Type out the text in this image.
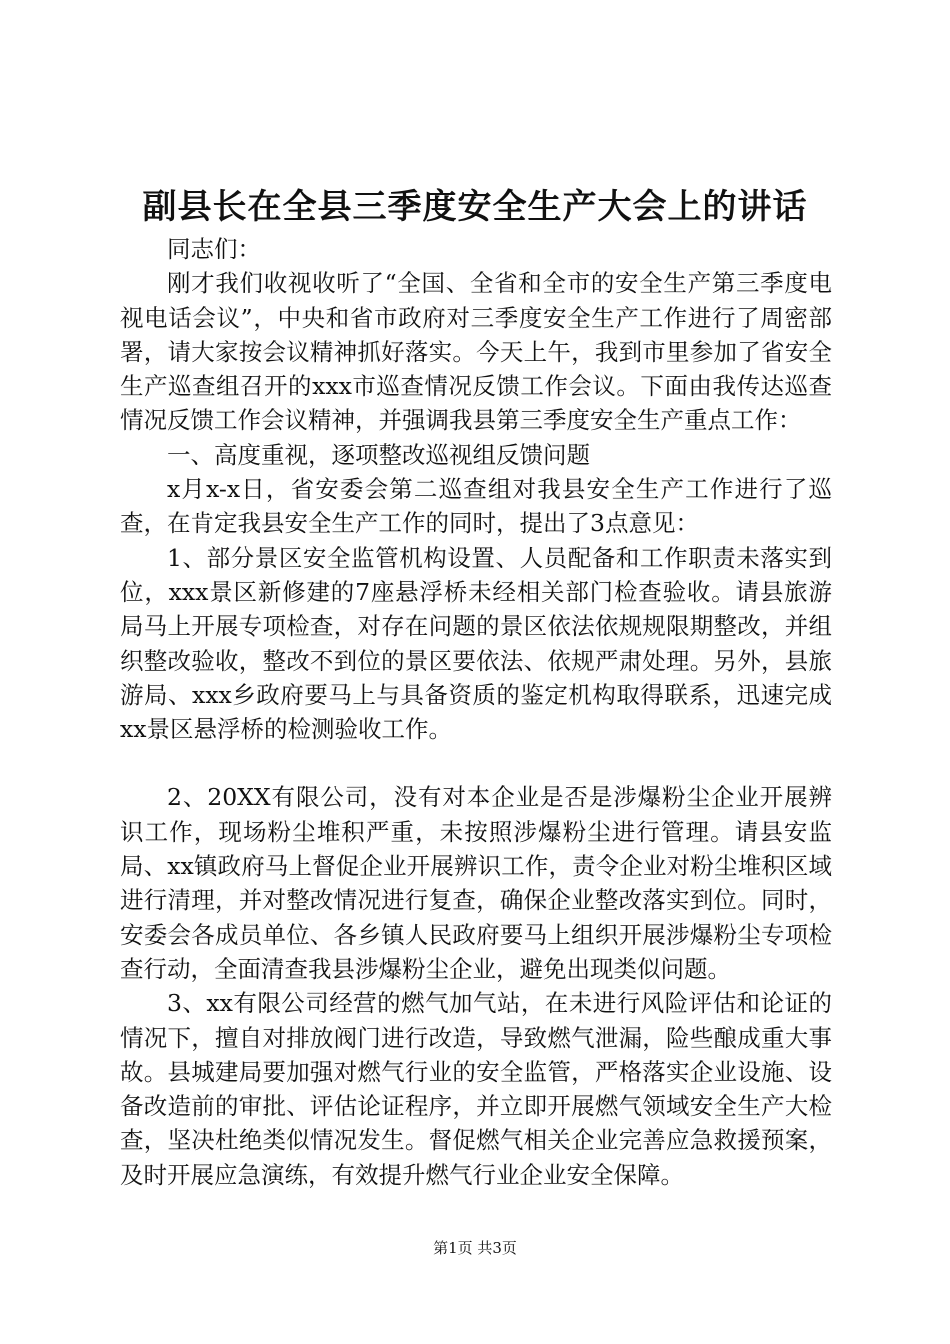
副县长在全县三季度安全生产大会上的讲话

同志们：

刚才我们收视收听了“全国、全省和全市的安全生产第三季度电视电话会议”，中央和省市政府对三季度安全生产工作进行了周密部署，请大家按会议精神抓好落实。今天上午，我到市里参加了省安全生产巡查组召开的xxx市巡查情况反馈工作会议。下面由我传达巡查情况反馈工作会议精神，并强调我县第三季度安全生产重点工作：

一、高度重视，逐项整改巡视组反馈问题

x月x-x日，省安委会第二巡查组对我县安全生产工作进行了巡查，在肯定我县安全生产工作的同时，提出了3点意见：

1、部分景区安全监管机构设置、人员配备和工作职责未落实到位，xxx景区新修建的7座悬浮桥未经相关部门检查验收。请县旅游局马上开展专项检查，对存在问题的景区依法依规规限期整改，并组织整改验收，整改不到位的景区要依法、依规严肃处理。另外，县旅游局、xxx乡政府要马上与具备资质的鉴定机构取得联系，迅速完成xx景区悬浮桥的检测验收工作。

2、20XX有限公司，没有对本企业是否是涉爆粉尘企业开展辨识工作，现场粉尘堆积严重，未按照涉爆粉尘进行管理。请县安监局、xx镇政府马上督促企业开展辨识工作，责令企业对粉尘堆积区域进行清理，并对整改情况进行复查，确保企业整改落实到位。同时，安委会各成员单位、各乡镇人民政府要马上组织开展涉爆粉尘专项检查行动，全面清查我县涉爆粉尘企业，避免出现类似问题。

3、xx有限公司经营的燃气加气站，在未进行风险评估和论证的情况下，擅自对排放阀门进行改造，导致燃气泄漏，险些酿成重大事故。县城建局要加强对燃气行业的安全监管，严格落实企业设施、设备改造前的审批、评估论证程序，并立即开展燃气领域安全生产大检查，坚决杜绝类似情况发生。督促燃气相关企业完善应急救援预案，及时开展应急演练，有效提升燃气行业企业安全保障。

第1页 共3页
